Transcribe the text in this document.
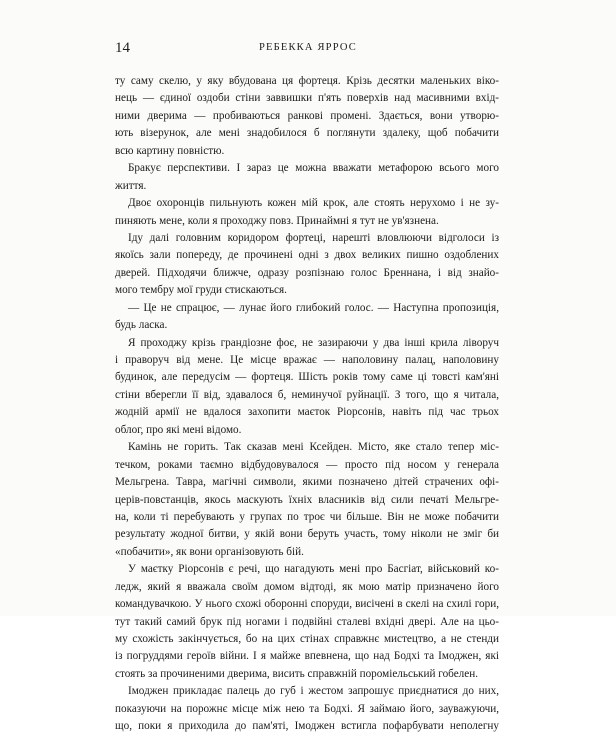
14	РЕБЕККА ЯРРОС
ту саму скелю, у яку вбудована ця фортеця. Крізь десятки маленьких віко-
нець — єдиної оздоби стіни заввишки п'ять поверхів над масивними вхід-
ними дверима — пробиваються ранкові промені. Здається, вони утворю-
ють візерунок, але мені знадобилося б поглянути здалеку, щоб побачити
всю картину повністю.
Бракує перспективи. І зараз це можна вважати метафорою всього мого
життя.
Двоє охоронців пильнують кожен мій крок, але стоять нерухомо і не зу-
пиняють мене, коли я проходжу повз. Принаймні я тут не ув'язнена.
Іду далі головним коридором фортеці, нарешті вловлюючи відголоси із
якоїсь зали попереду, де прочинені одні з двох великих пишно оздоблених
дверей. Підходячи ближче, одразу розпізнаю голос Бреннана, і від знайо-
мого тембру мої груди стискаються.
— Це не спрацює, — лунає його глибокий голос. — Наступна пропозиція,
будь ласка.
Я проходжу крізь грандіозне фоє, не зазираючи у два інші крила ліворуч
і праворуч від мене. Це місце вражає — наполовину палац, наполовину
будинок, але передусім — фортеця. Шість років тому саме ці товсті кам'яні
стіни вберегли її від, здавалося б, неминучої руйнації. З того, що я читала,
жодній армії не вдалося захопити маєток Ріорсонів, навіть під час трьох
облог, про які мені відомо.
Камінь не горить. Так сказав мені Ксейден. Місто, яке стало тепер міс-
течком, роками таємно відбудовувалося — просто під носом у генерала
Мельгрена. Тавра, магічні символи, якими позначено дітей страчених офі-
церів-повстанців, якось маскують їхніх власників від сили печаті Мельгре-
на, коли ті перебувають у групах по троє чи більше. Він не може побачити
результату жодної битви, у якій вони беруть участь, тому ніколи не зміг би
«побачити», як вони організовують бій.
У маєтку Ріорсонів є речі, що нагадують мені про Басгіат, військовий ко-
ледж, який я вважала своїм домом відтоді, як мою матір призначено його
командувачкою. У нього схожі оборонні споруди, висічені в скелі на схилі гори,
тут такий самий брук під ногами і подвійні сталеві вхідні двері. Але на цьо-
му схожість закінчується, бо на цих стінах справжнє мистецтво, а не стенди
із погруддями героїв війни. І я майже впевнена, що над Бодхі та Імоджен, які
стоять за прочиненими дверима, висить справжній пороміельський гобелен.
Імоджен прикладає палець до губ і жестом запрошує приєднатися до них,
показуючи на порожнє місце між нею та Бодхі. Я займаю його, зауважуючи,
що, поки я приходила до пам'яті, Імоджен встигла пофарбувати неполегну
